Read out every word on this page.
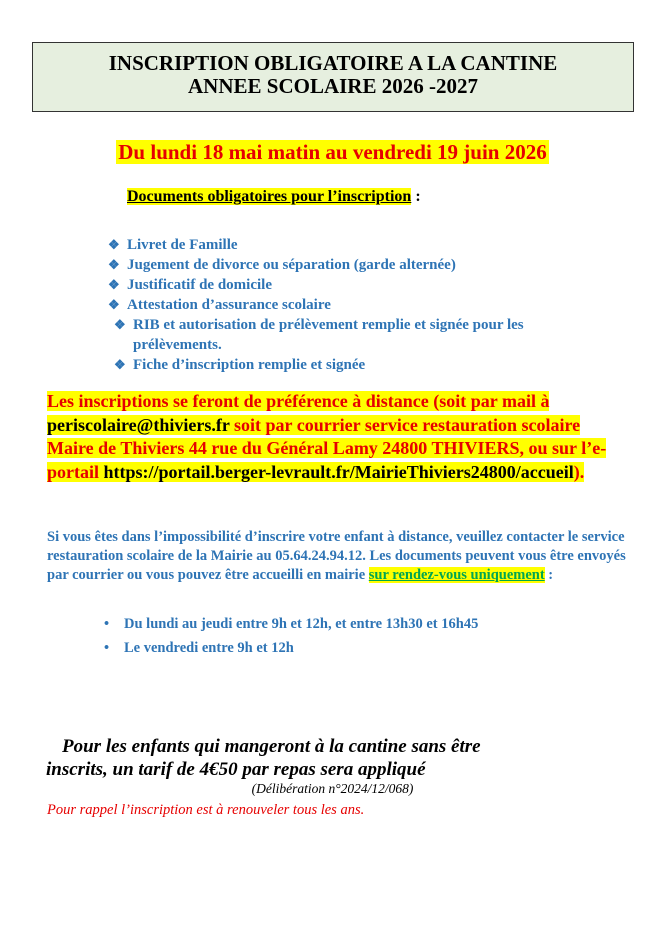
INSCRIPTION OBLIGATOIRE A LA CANTINE
ANNEE SCOLAIRE 2026 -2027
Du lundi 18 mai matin au vendredi 19 juin 2026
Documents obligatoires pour l’inscription :
❖ Livret de Famille
❖ Jugement de divorce ou séparation (garde alternée)
❖ Justificatif de domicile
❖ Attestation d’assurance scolaire
❖ RIB et autorisation de prélèvement remplie et signée pour les prélèvements.
❖ Fiche d’inscription remplie et signée
Les inscriptions se feront de préférence à distance (soit par mail à periscolaire@thiviers.fr soit par courrier service restauration scolaire Maire de Thiviers 44 rue du Général Lamy 24800 THIVIERS, ou sur l’e-portail https://portail.berger-levrault.fr/MairieThiviers24800/accueil).
Si vous êtes dans l’impossibilité d’inscrire votre enfant à distance, veuillez contacter le service restauration scolaire de la Mairie au 05.64.24.94.12. Les documents peuvent vous être envoyés par courrier ou vous pouvez être accueilli en mairie sur rendez-vous uniquement :
• Du lundi au jeudi entre 9h et 12h, et entre 13h30 et 16h45
• Le vendredi entre 9h et 12h
Pour les enfants qui mangeront à la cantine sans être
inscrits, un tarif de 4€50 par repas sera appliqué
(Délibération n°2024/12/068)
Pour rappel l’inscription est à renouveler tous les ans.
